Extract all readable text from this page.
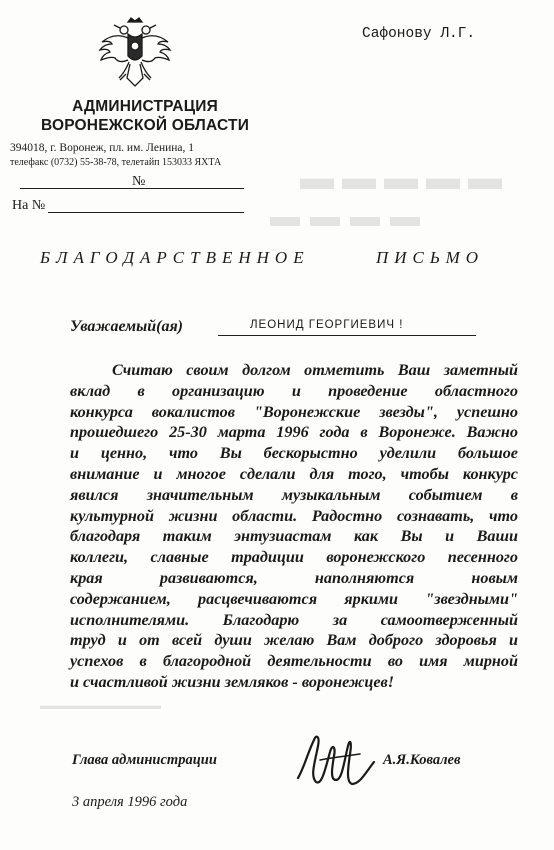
▬▬▬▬▬
▬▬▬▬
▬▬▬▬▬▬▬▬▬▬▬
АДМИНИСТРАЦИЯ
ВОРОНЕЖСКОЙ ОБЛАСТИ
394018, г. Воронеж, пл. им. Ленина, 1
телефакс (0732) 55-38-78, телетайп 153033 ЯХТА
№
На №
Сафонову Л.Г.
БЛАГОДАРСТВЕННОЕ	ПИСЬМО
Уважаемый(ая)	ЛЕОНИД ГЕОРГИЕВИЧ !

Считаю своим долгом отметить Ваш заметный

вклад в организацию и проведение областного

конкурса вокалистов "Воронежские звезды", успешно

прошедшего 25-30 марта 1996 года в Воронеже. Важно

и ценно, что Вы бескорыстно уделили большое

внимание и многое сделали для того, чтобы конкурс

явился значительным музыкальным событием в

культурной жизни области. Радостно сознавать, что

благодаря таким энтузиастам как Вы и Ваши

коллеги, славные традиции воронежского песенного

края развиваются, наполняются новым

содержанием, расцвечиваются яркими "звездными"

исполнителями. Благодарю за самоотверженный

труд и от всей души желаю Вам доброго здоровья и

успехов в благородной деятельности во имя мирной

и счастливой жизни земляков - воронежцев!

Глава администрации	А.Я.Ковалев
3 апреля 1996 года
